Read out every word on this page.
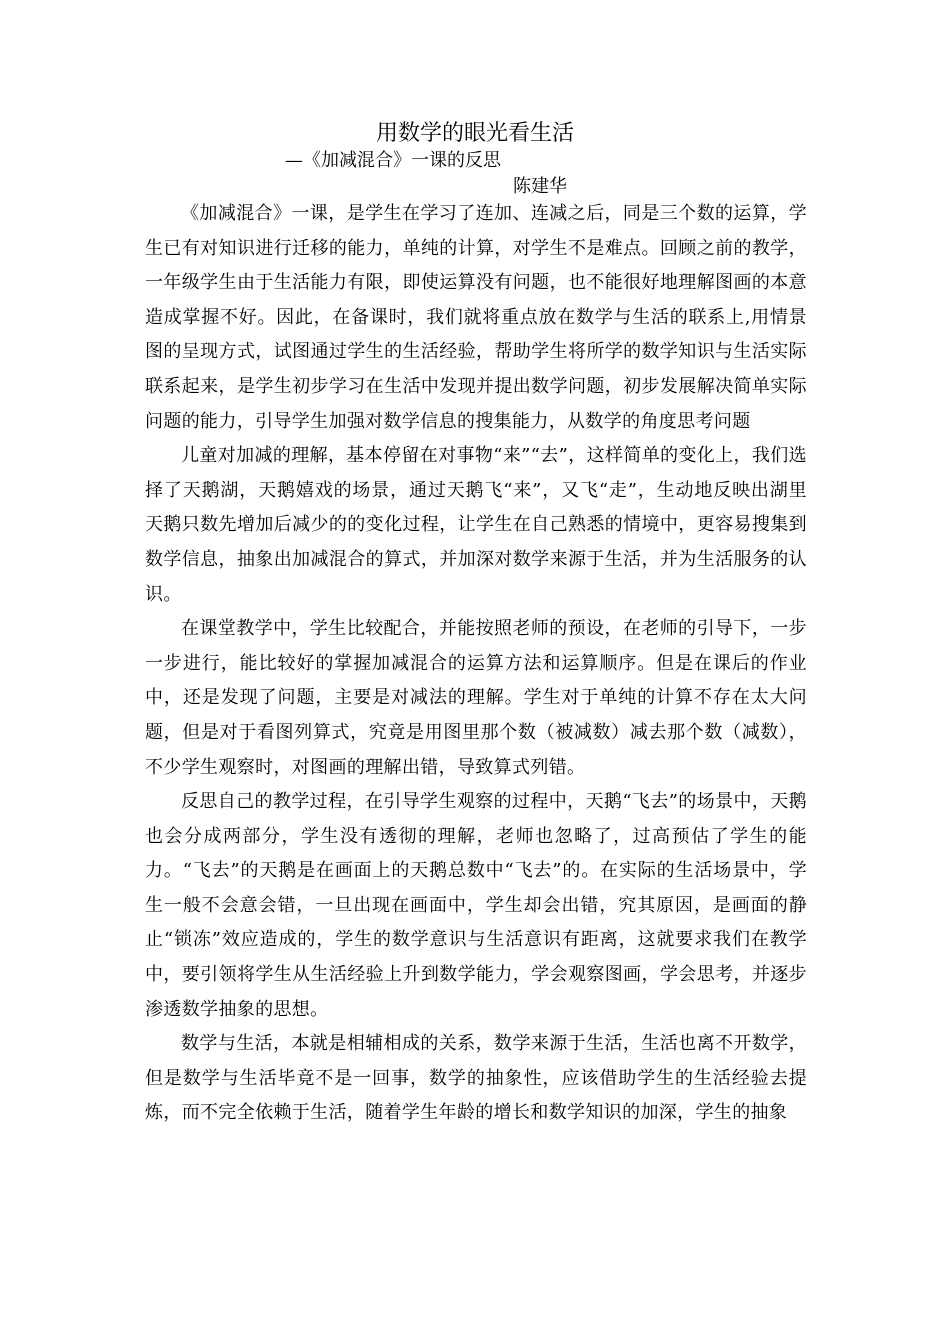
用数学的眼光看生活
—《加减混合》一课的反思
陈建华

《加减混合》一课，是学生在学习了连加、连减之后，同是三个数的运算，学生已有对知识进行迁移的能力，单纯的计算，对学生不是难点。回顾之前的教学，一年级学生由于生活能力有限，即使运算没有问题，也不能很好地理解图画的本意造成掌握不好。因此，在备课时，我们就将重点放在数学与生活的联系上,用情景图的呈现方式，试图通过学生的生活经验，帮助学生将所学的数学知识与生活实际联系起来，是学生初步学习在生活中发现并提出数学问题，初步发展解决简单实际问题的能力，引导学生加强对数学信息的搜集能力，从数学的角度思考问题

儿童对加减的理解，基本停留在对事物“来”“去”，这样简单的变化上，我们选择了天鹅湖，天鹅嬉戏的场景，通过天鹅飞“来”，又飞“走”，生动地反映出湖里天鹅只数先增加后减少的的变化过程，让学生在自己熟悉的情境中，更容易搜集到数学信息，抽象出加减混合的算式，并加深对数学来源于生活，并为生活服务的认识。

在课堂教学中，学生比较配合，并能按照老师的预设，在老师的引导下，一步一步进行，能比较好的掌握加减混合的运算方法和运算顺序。但是在课后的作业中，还是发现了问题，主要是对减法的理解。学生对于单纯的计算不存在太大问题，但是对于看图列算式，究竟是用图里那个数（被减数）减去那个数（减数），不少学生观察时，对图画的理解出错，导致算式列错。

反思自己的教学过程，在引导学生观察的过程中，天鹅“飞去”的场景中，天鹅也会分成两部分，学生没有透彻的理解，老师也忽略了，过高预估了学生的能力。“飞去”的天鹅是在画面上的天鹅总数中“飞去”的。在实际的生活场景中，学生一般不会意会错，一旦出现在画面中，学生却会出错，究其原因，是画面的静止“锁冻”效应造成的，学生的数学意识与生活意识有距离，这就要求我们在教学中，要引领将学生从生活经验上升到数学能力，学会观察图画，学会思考，并逐步渗透数学抽象的思想。

数学与生活，本就是相辅相成的关系，数学来源于生活，生活也离不开数学，但是数学与生活毕竟不是一回事，数学的抽象性，应该借助学生的生活经验去提炼，而不完全依赖于生活，随着学生年龄的增长和数学知识的加深，学生的抽象
